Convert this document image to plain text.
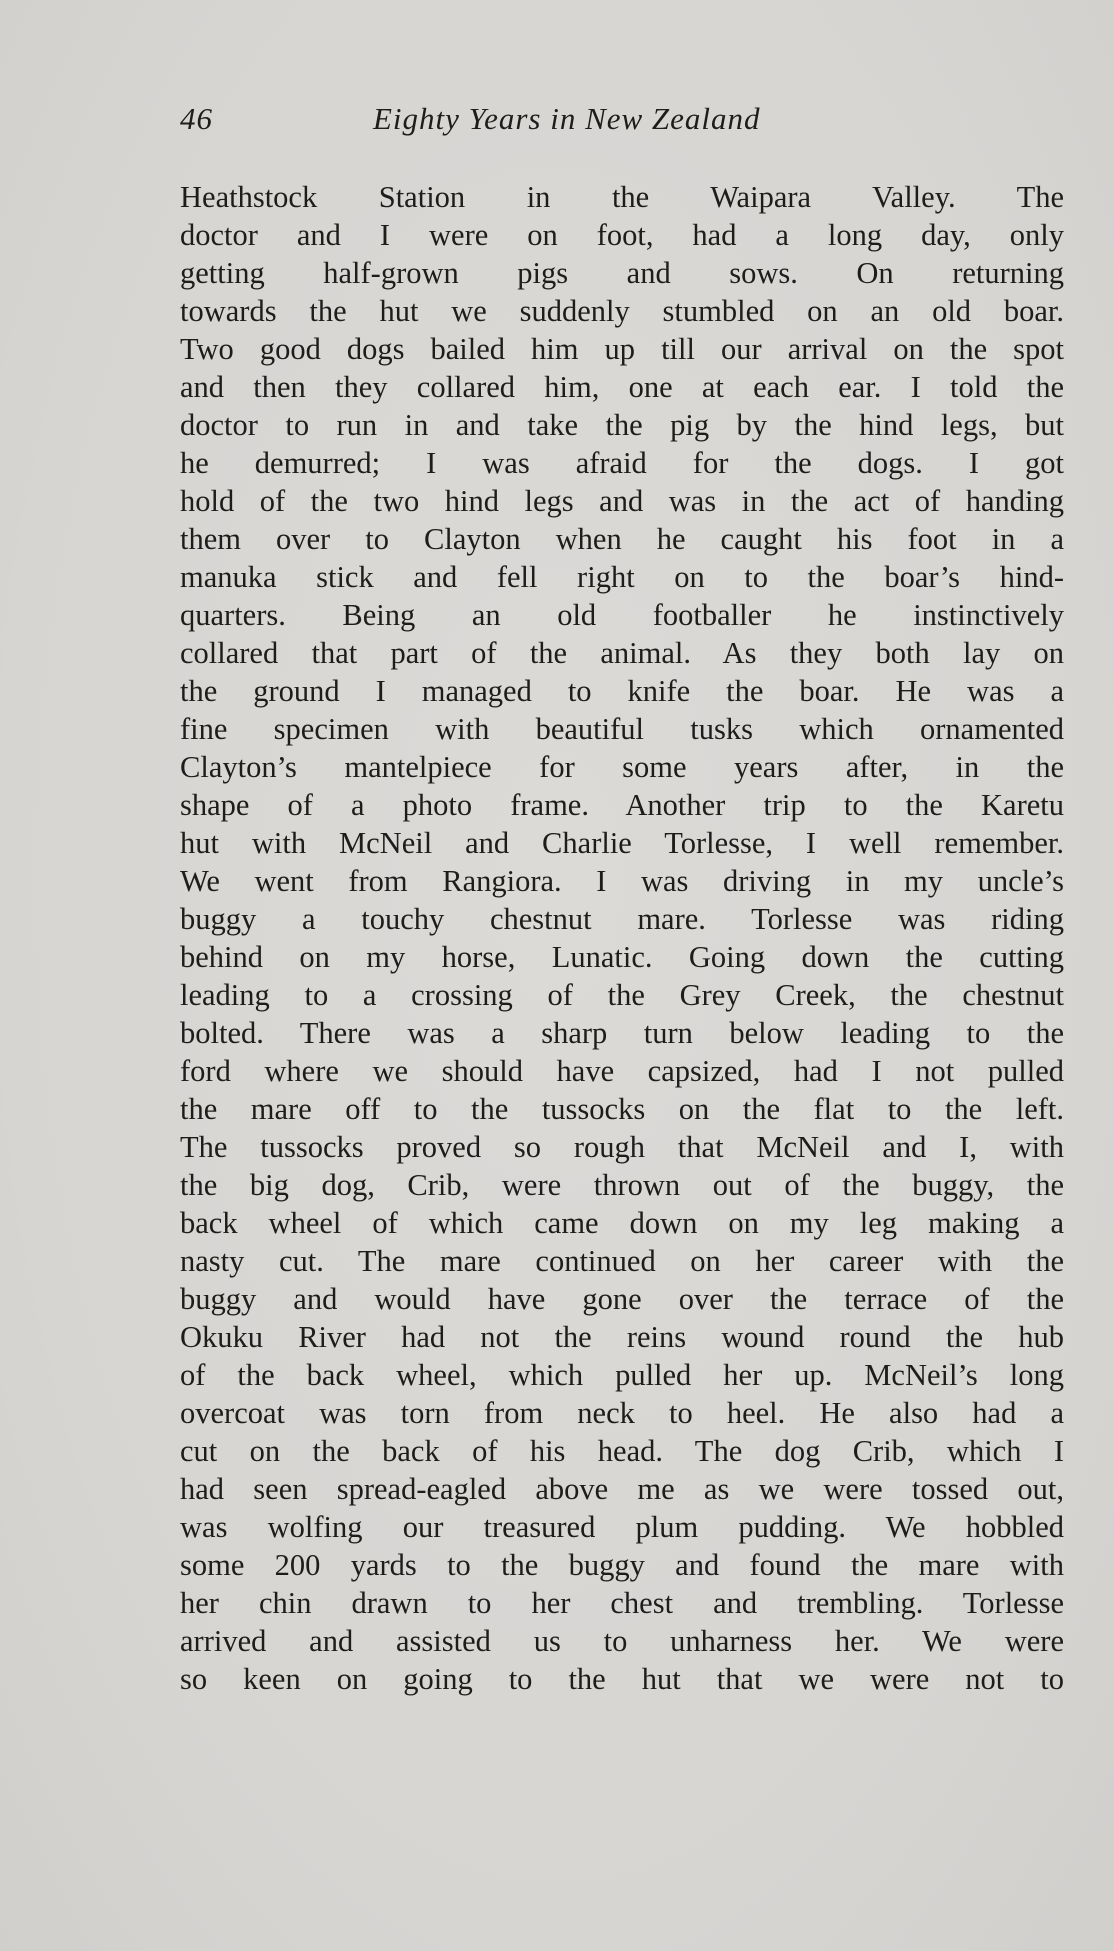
46	Eighty Years in New Zealand
Heathstock Station in the Waipara Valley. The
doctor and I were on foot, had a long day, only
getting half-grown pigs and sows. On returning
towards the hut we suddenly stumbled on an old boar.
Two good dogs bailed him up till our arrival on the spot
and then they collared him, one at each ear. I told the
doctor to run in and take the pig by the hind legs, but
he demurred; I was afraid for the dogs. I got
hold of the two hind legs and was in the act of handing
them over to Clayton when he caught his foot in a
manuka stick and fell right on to the boar’s hind-
quarters. Being an old footballer he instinctively
collared that part of the animal. As they both lay on
the ground I managed to knife the boar. He was a
fine specimen with beautiful tusks which ornamented
Clayton’s mantelpiece for some years after, in the
shape of a photo frame. Another trip to the Karetu
hut with McNeil and Charlie Torlesse, I well remember.
We went from Rangiora. I was driving in my uncle’s
buggy a touchy chestnut mare. Torlesse was riding
behind on my horse, Lunatic. Going down the cutting
leading to a crossing of the Grey Creek, the chestnut
bolted. There was a sharp turn below leading to the
ford where we should have capsized, had I not pulled
the mare off to the tussocks on the flat to the left.
The tussocks proved so rough that McNeil and I, with
the big dog, Crib, were thrown out of the buggy, the
back wheel of which came down on my leg making a
nasty cut. The mare continued on her career with the
buggy and would have gone over the terrace of the
Okuku River had not the reins wound round the hub
of the back wheel, which pulled her up. McNeil’s long
overcoat was torn from neck to heel. He also had a
cut on the back of his head. The dog Crib, which I
had seen spread-eagled above me as we were tossed out,
was wolfing our treasured plum pudding. We hobbled
some 200 yards to the buggy and found the mare with
her chin drawn to her chest and trembling. Torlesse
arrived and assisted us to unharness her. We were
so keen on going to the hut that we were not to
